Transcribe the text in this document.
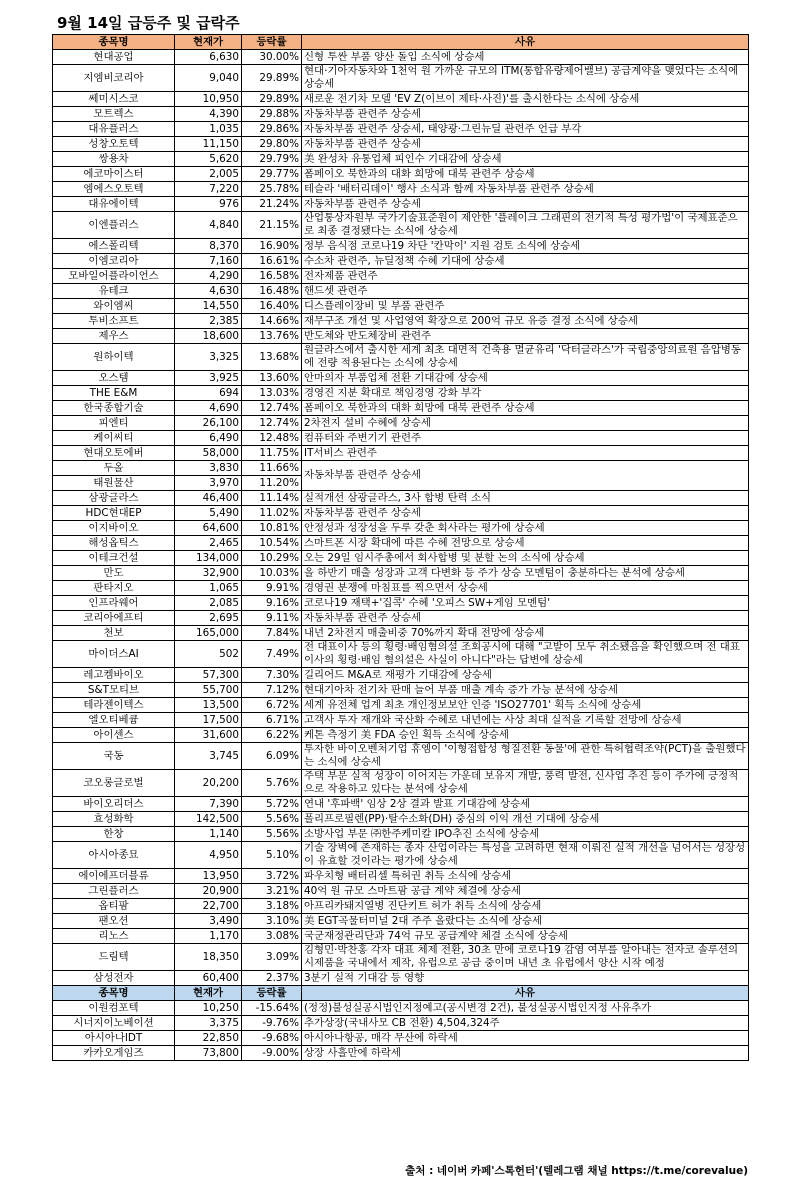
9월 14일 급등주 및 급락주
종목명	현재가	등락률	사유
현대공업	6,630	30.00%	신형 투싼 부품 양산 돌입 소식에 상승세
지엠비코리아	9,040	29.89%	현대·기아자동차와 1천억 원 가까운 규모의 ITM(통합유량제어밸브) 공급계약을 맺었다는 소식에 상승세
쎄미시스코	10,950	29.89%	새로운 전기차 모델 'EV Z(이브이 제타·사진)'를 출시한다는 소식에 상승세
모트렉스	4,390	29.88%	자동차부품 관련주 상승세
대유플러스	1,035	29.86%	자동차부품 관련주 상승세, 태양광·그린뉴딜 관련주 언급 부각
성창오토텍	11,150	29.80%	자동차부품 관련주 상승세
쌍용차	5,620	29.79%	美 완성차 유통업체 피인수 기대감에 상승세
에코마이스터	2,005	29.77%	폼페이오 북한과의 대화 희망에 대북 관련주 상승세
엠에스오토텍	7,220	25.78%	테슬라 '배터리데이' 행사 소식과 함께 자동차부품 관련주 상승세
대유에이텍	976	21.24%	자동차부품 관련주 상승세
이엔플러스	4,840	21.15%	산업통상자원부 국가기술표준원이 제안한 '플레이크 그래핀의 전기적 특성 평가법'이 국제표준으로 최종 결정됐다는 소식에 상승세
에스폴리텍	8,370	16.90%	정부 음식점 코로나19 차단 '칸막이' 지원 검토 소식에 상승세
이엠코리아	7,160	16.61%	수소차 관련주, 뉴딜정책 수혜 기대에 상승세
모바일어플라이언스	4,290	16.58%	전자제품 관련주
유테크	4,630	16.48%	핸드셋 관련주
와이엠씨	14,550	16.40%	디스플레이장비 및 부품 관련주
투비소프트	2,385	14.66%	재무구조 개선 및 사업영역 확장으로 200억 규모 유증 결정 소식에 상승세
제우스	18,600	13.76%	반도체와 반도체장비 관련주
원하이텍	3,325	13.68%	원글라스에서 출시한 세계 최초 대면적 건축용 멸균유리 '닥터글라스'가 국립중앙의료원 음압병동에 전량 적용된다는 소식에 상승세
오스템	3,925	13.60%	안마의자 부품업체 전환 기대감에 상승세
THE E&M	694	13.03%	경영진 지분 확대로 책임경영 강화 부각
한국종합기술	4,690	12.74%	폼페이오 북한과의 대화 희망에 대북 관련주 상승세
피엔티	26,100	12.74%	2차전지 설비 수혜에 상승세
케이씨티	6,490	12.48%	컴퓨터와 주변기기 관련주
현대오토에버	58,000	11.75%	IT서비스 관련주
두올	3,830	11.66%	자동차부품 관련주 상승세
태원물산	3,970	11.20%	
삼광글라스	46,400	11.14%	실적개선 삼광글라스, 3사 합병 탄력 소식
HDC현대EP	5,490	11.02%	자동차부품 관련주 상승세
이지바이오	64,600	10.81%	안정성과 성장성을 두루 갖춘 회사라는 평가에 상승세
해성옵틱스	2,465	10.54%	스마트폰 시장 확대에 따른 수혜 전망으로 상승세
이테크건설	134,000	10.29%	오는 29일 임시주총에서 회사합병 및 분할 논의 소식에 상승세
만도	32,900	10.03%	올 하반기 매출 성장과 고객 다변화 등 주가 상승 모멘텀이 충분하다는 분석에 상승세
판타지오	1,065	9.91%	경영권 분쟁에 마침표를 찍으면서 상승세
인프라웨어	2,085	9.16%	코로나19 재택+'집콕' 수혜 '오피스 SW+게임 모멘텀'
코리아에프티	2,695	9.11%	자동차부품 관련주 상승세
천보	165,000	7.84%	내년 2차전지 매출비중 70%까지 확대 전망에 상승세
마이더스AI	502	7.49%	전 대표이사 등의 횡령·배임혐의설 조회공시에 대해 "고발이 모두 취소됐음을 확인했으며 전 대표이사의 횡령·배임 혐의설은 사실이 아니다"라는 답변에 상승세
레고켐바이오	57,300	7.30%	길리어드 M&A로 재평가 기대감에 상승세
S&T모티브	55,700	7.12%	현대기아차 전기차 판매 늘어 부품 매출 계속 증가 가능 분석에 상승세
테라젠이텍스	13,500	6.72%	세계 유전체 업계 최초 개인정보보안 인증 'ISO27701' 획득 소식에 상승세
엘오티베큠	17,500	6.71%	고객사 투자 재개와 국산화 수혜로 내년에는 사상 최대 실적을 기록할 전망에 상승세
아이센스	31,600	6.22%	케톤 측정기 美 FDA 승인 획득 소식에 상승세
국동	3,745	6.09%	투자한 바이오벤처기업 휴엠이 '이형접합성 형질전환 동물'에 관한 특허협력조약(PCT)을 출원했다는 소식에 상승세
코오롱글로벌	20,200	5.76%	주택 부문 실적 성장이 이어지는 가운데 보유지 개발, 풍력 발전, 신사업 추진 등이 주가에 긍정적으로 작용하고 있다는 분석에 상승세
바이오리더스	7,390	5.72%	연내 '후파백' 임상 2상 결과 발표 기대감에 상승세
효성화학	142,500	5.56%	폴리프로필렌(PP)·탈수소화(DH) 중심의 이익 개선 기대에 상승세
한창	1,140	5.56%	소방사업 부문 ㈜한주케미칼 IPO추진 소식에 상승세
아시아종묘	4,950	5.10%	기술 장벽에 존재하는 종자 산업이라는 특성을 고려하면 현재 이뤄진 실적 개선을 넘어서는 성장성이 유효할 것이라는 평가에 상승세
에이에프더블류	13,950	3.72%	파우치형 배터리셀 특허권 취득 소식에 상승세
그린플러스	20,900	3.21%	40억 원 규모 스마트팜 공급 계약 체결에 상승세
옵티팜	22,700	3.18%	아프리카돼지열병 진단키트 허가 취득 소식에 상승세
팬오션	3,490	3.10%	美 EGT곡물터미널 2대 주주 올랐다는 소식에 상승세
리노스	1,170	3.08%	국군재정관리단과 74억 규모 공급계약 체결 소식에 상승세
드림텍	18,350	3.09%	김형민·박찬홍 각자 대표 체제 전환, 30초 만에 코로나19 감염 여부를 알아내는 전자코 솔루션의 시제품을 국내에서 제작, 유럽으로 공급 중이며 내년 초 유럽에서 양산 시작 예정
삼성전자	60,400	2.37%	3분기 실적 기대감 등 영향
종목명	현재가	등락률	사유
이원컴포텍	10,250	-15.64%	(정정)불성실공시법인지정예고(공시변경 2건), 불성실공시법인지정 사유추가
시너지이노베이션	3,375	-9.76%	추가상장(국내사모 CB 전환) 4,504,324주
아시아나IDT	22,850	-9.68%	아시아나항공, 매각 무산에 하락세
카카오게임즈	73,800	-9.00%	상장 사흘만에 하락세
출처 : 네이버 카페'스톡헌터'(텔레그램 채널 https://t.me/corevalue)
